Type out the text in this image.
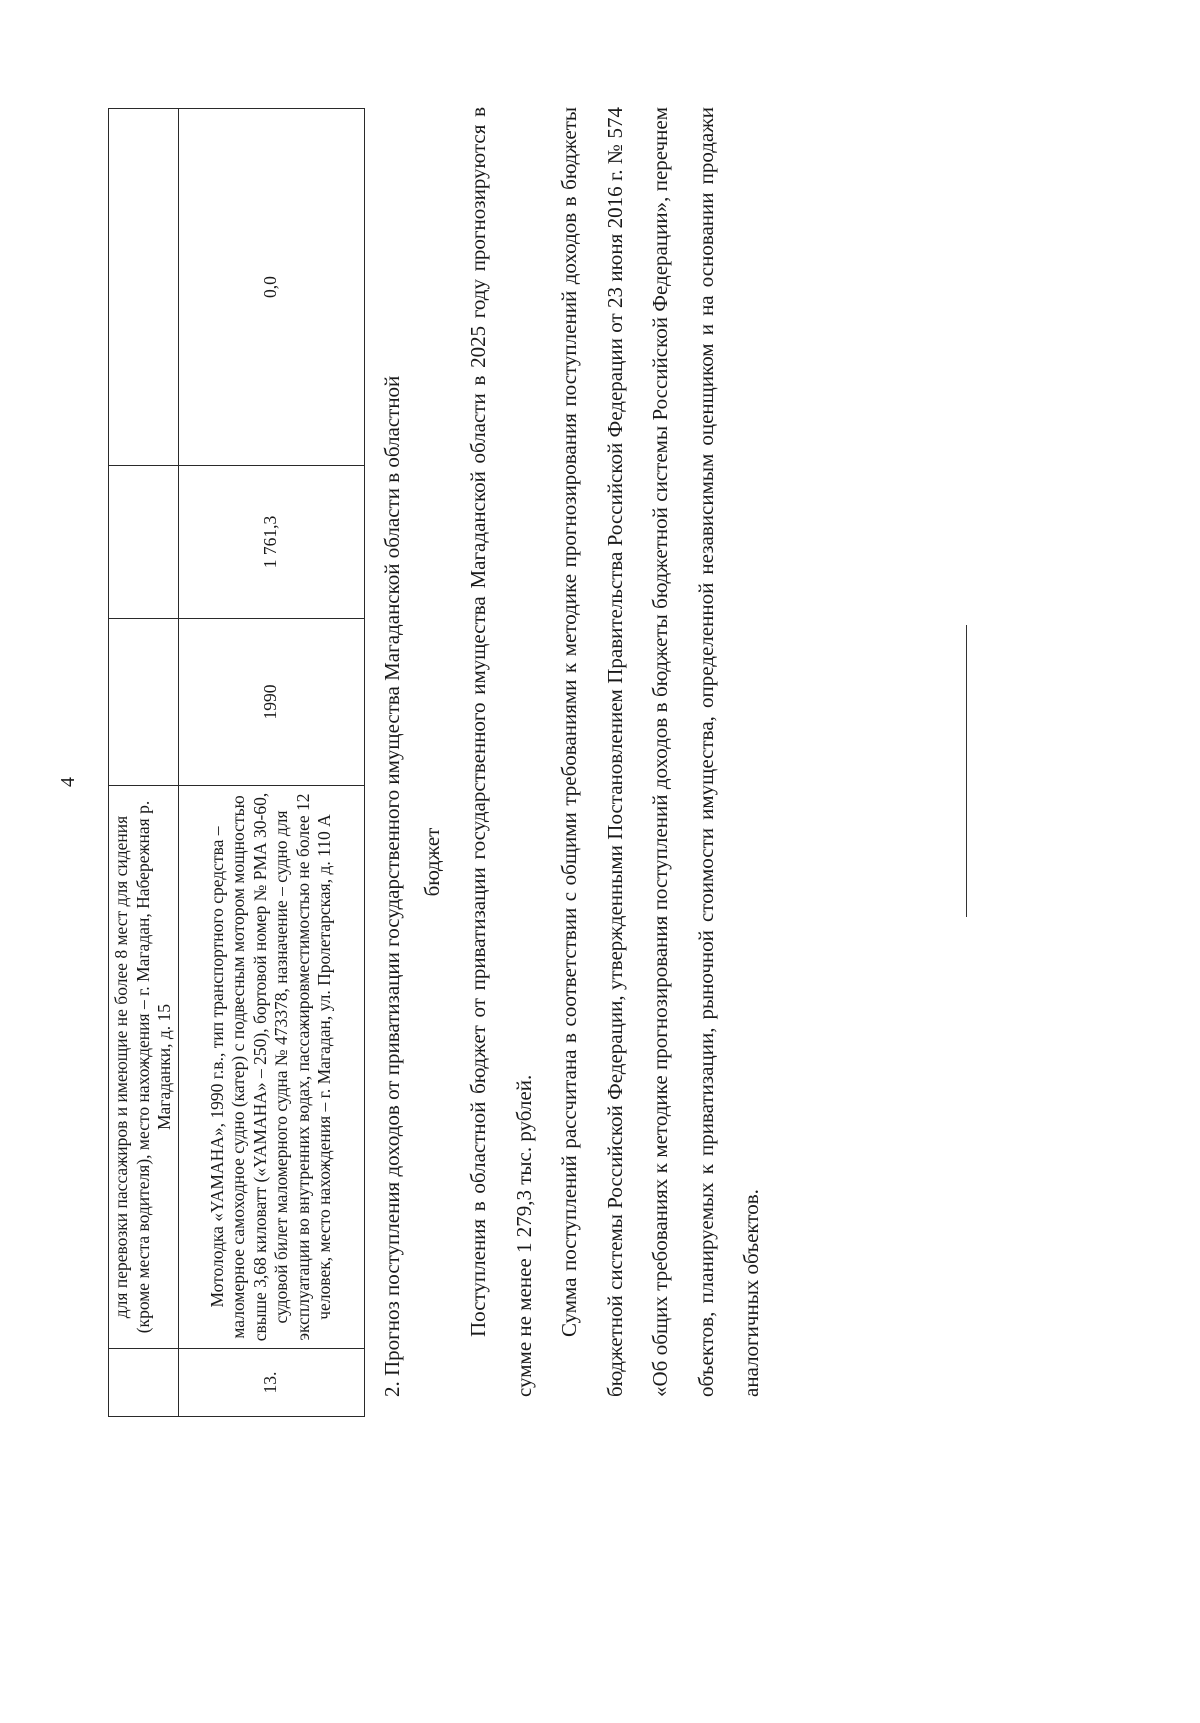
4
	для перевозки пассажиров и имеющие не более 8 мест для сидения (кроме места водителя), место нахождения – г. Магадан, Набережная р. Магаданки, д. 15			
13.	Мотолодка «YAMAHA», 1990 г.в., тип транспортного средства – маломерное самоходное судно (катер) с подвесным мотором мощностью свыше 3,68 киловатт («YAMAHA» – 250), бортовой номер № РМА 30-60, судовой билет маломерного судна № 473378, назначение – судно для эксплуатации во внутренних водах, пассажировместимостью не более 12 человек, место нахождения – г. Магадан, ул. Пролетарская, д. 110 А	1990	1 761,3	0,0
2. Прогноз поступления доходов от приватизации государственного имущества Магаданской области в областной бюджет	Поступления в областной бюджет от приватизации государственного имущества Магаданской области в 2025 году прогнозируются в сумме не менее 1 279,3 тыс. рублей.	Сумма поступлений рассчитана в соответствии с общими требованиями к методике прогнозирования поступлений доходов в бюджеты бюджетной системы Российской Федерации, утвержденными Постановлением Правительства Российской Федерации от 23 июня 2016 г. № 574 «Об общих требованиях к методике прогнозирования поступлений доходов в бюджеты бюджетной системы Российской Федерации», перечнем объектов, планируемых к приватизации, рыночной стоимости имущества, определенной независимым оценщиком и на основании продажи аналогичных объектов.
